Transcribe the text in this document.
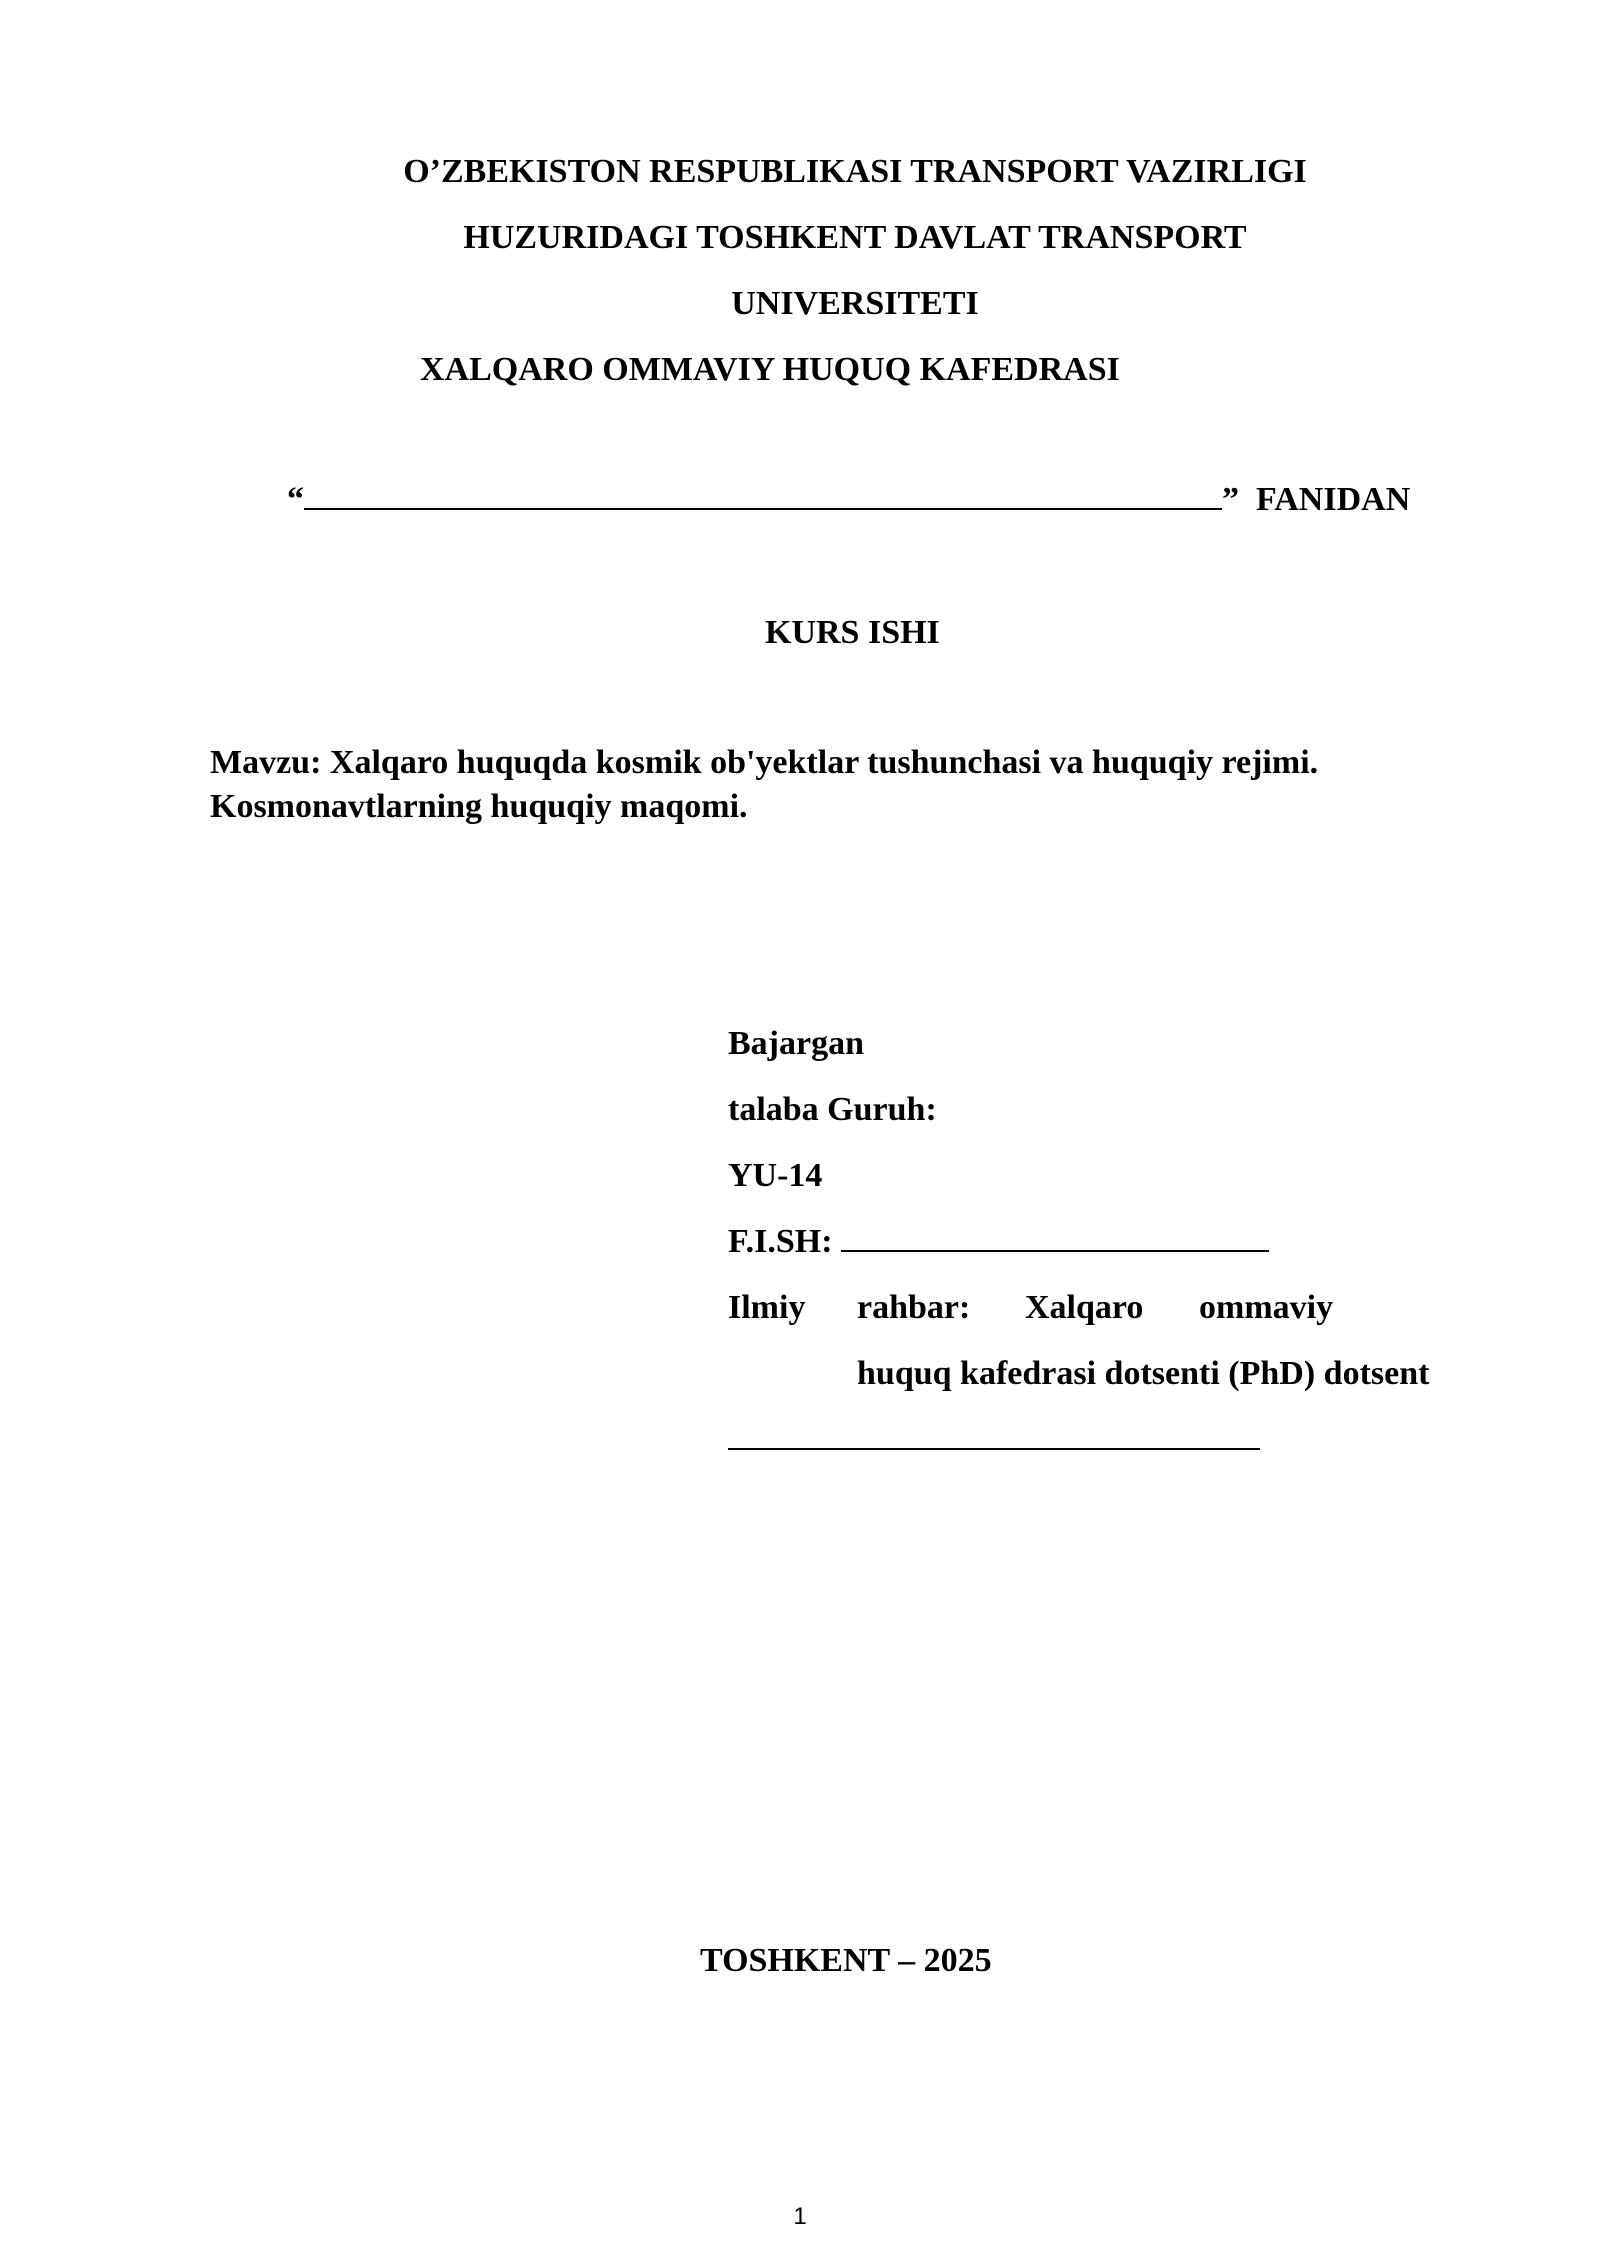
O’ZBEKISTON RESPUBLIKASI TRANSPORT VAZIRLIGI
HUZURIDAGI TOSHKENT DAVLAT TRANSPORT
UNIVERSITETI
XALQARO OMMAVIY HUQUQ KAFEDRASI
“	” FANIDAN
KURS ISHI
Mavzu: Xalqaro huquqda kosmik ob'yektlar tushunchasi va huquqiy rejimi.
Kosmonavtlarning huquqiy maqomi.
Bajargan
talaba Guruh:
YU-14
F.I.SH:
Ilmiy rahbar: Xalqaro ommaviy
huquq kafedrasi dotsenti (PhD) dotsent
TOSHKENT – 2025
1
